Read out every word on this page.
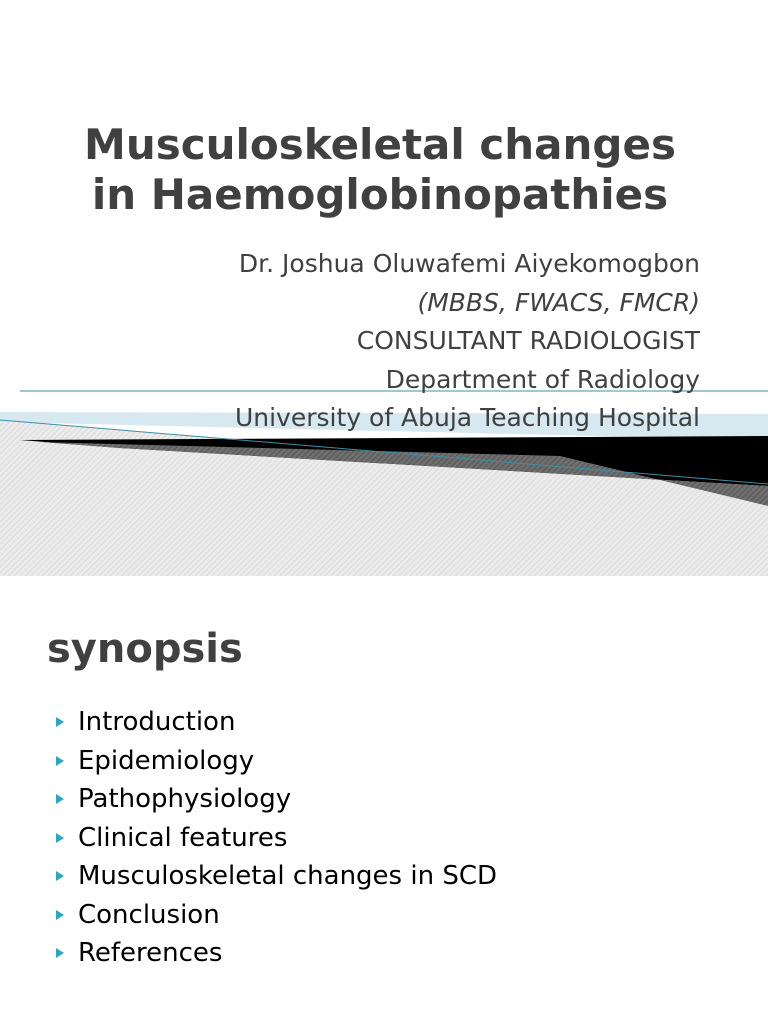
Musculoskeletal changes
in Haemoglobinopathies
Dr. Joshua Oluwafemi Aiyekomogbon
(MBBS, FWACS, FMCR)
CONSULTANT RADIOLOGIST
Department of Radiology
University of Abuja Teaching Hospital
synopsis
Introduction
Epidemiology
Pathophysiology
Clinical features
Musculoskeletal changes in SCD
Conclusion
References
